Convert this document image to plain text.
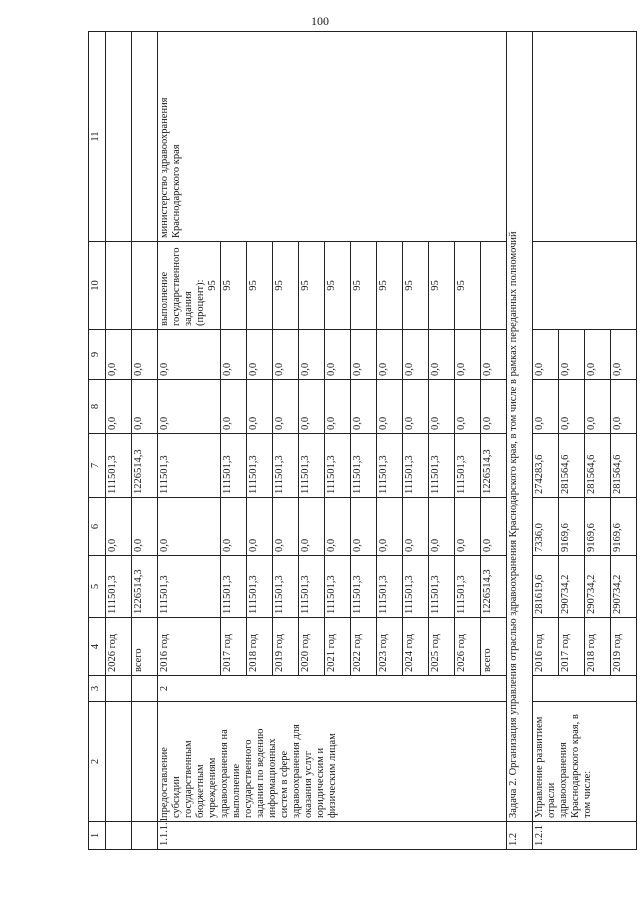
100
1	2	3	4	5	6	7	8	9	10	11
			2026 год	111501,3	0,0	111501,3	0,0	0,0		
			всего	1226514,3	0,0	1226514,3	0,0	0,0		
1.1.1.1	предоставление субсидии государственным бюджетным учреждениям здравоохранения на выполнение государственного задания по ведению информационных систем в сфере здравоохранения для оказания услуг юридическим и физическим лицам	2	2016 год	111501,3	0,0	111501,3	0,0	0,0	выполнение государственного задания (процент): 95	министерство здравоохранения Краснодарского края
			2017 год	111501,3	0,0	111501,3	0,0	0,0	95	
			2018 год	111501,3	0,0	111501,3	0,0	0,0	95	
			2019 год	111501,3	0,0	111501,3	0,0	0,0	95	
			2020 год	111501,3	0,0	111501,3	0,0	0,0	95	
			2021 год	111501,3	0,0	111501,3	0,0	0,0	95	
			2022 год	111501,3	0,0	111501,3	0,0	0,0	95	
			2023 год	111501,3	0,0	111501,3	0,0	0,0	95	
			2024 год	111501,3	0,0	111501,3	0,0	0,0	95	
			2025 год	111501,3	0,0	111501,3	0,0	0,0	95	
			2026 год	111501,3	0,0	111501,3	0,0	0,0	95	
			всего	1226514,3	0,0	1226514,3	0,0	0,0		
1.2	Задача 2. Организация управления отраслью здравоохранения Краснодарского края, в том числе в рамках переданных полномочий									
1.2.1	Управление развитием отрасли здравоохранения Краснодарского края, в том числе:		2016 год	281619,6	7336,0	274283,6	0,0	0,0		
			2017 год	290734,2	9169,6	281564,6	0,0	0,0		
			2018 год	290734,2	9169,6	281564,6	0,0	0,0		
			2019 год	290734,2	9169,6	281564,6	0,0	0,0		
